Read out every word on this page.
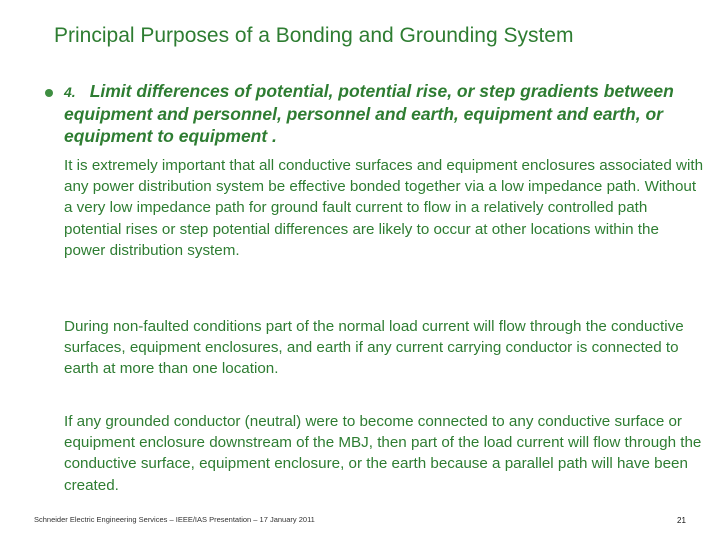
Principal Purposes of a Bonding and Grounding System

4. Limit differences of potential, potential rise, or step gradients between equipment and personnel, personnel and earth, equipment and earth, or equipment to equipment .

It is extremely important that all conductive surfaces and equipment enclosures associated with any power distribution system be effective bonded together via a low impedance path. Without a very low impedance path for ground fault current to flow in a relatively controlled path potential rises or step potential differences are likely to occur at other locations within the power distribution system.

During non-faulted conditions part of the normal load current will flow through the conductive surfaces, equipment enclosures, and earth if any current carrying conductor is connected to earth at more than one location.

If any grounded conductor (neutral) were to become connected to any conductive surface or equipment enclosure downstream of the MBJ, then part of the load current will flow through the conductive surface, equipment enclosure, or the earth because a parallel path will have been created.

Schneider Electric Engineering Services – IEEE/IAS Presentation – 17 January 2011	21
